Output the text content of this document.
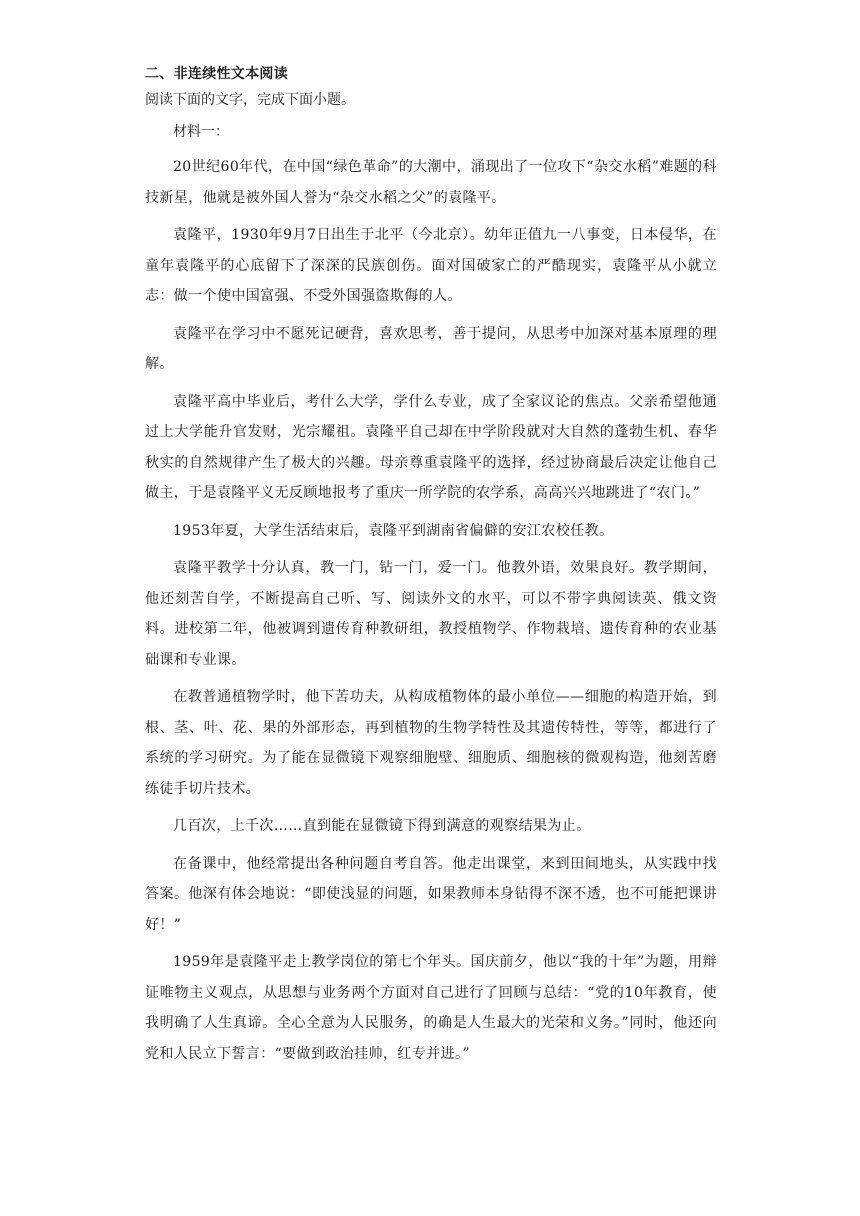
二、非连续性文本阅读
阅读下面的文字，完成下面小题。
材料一：

20世纪60年代，在中国“绿色革命”的大潮中，涌现出了一位攻下“杂交水稻”难题的科技新星，他就是被外国人誉为“杂交水稻之父”的袁隆平。

袁隆平，1930年9月7日出生于北平（今北京）。幼年正值九一八事变，日本侵华，在童年袁隆平的心底留下了深深的民族创伤。面对国破家亡的严酷现实，袁隆平从小就立志：做一个使中国富强、不受外国强盗欺侮的人。

袁隆平在学习中不愿死记硬背，喜欢思考，善于提问，从思考中加深对基本原理的理解。

袁隆平高中毕业后，考什么大学，学什么专业，成了全家议论的焦点。父亲希望他通过上大学能升官发财，光宗耀祖。袁隆平自己却在中学阶段就对大自然的蓬勃生机、春华秋实的自然规律产生了极大的兴趣。母亲尊重袁隆平的选择，经过协商最后决定让他自己做主，于是袁隆平义无反顾地报考了重庆一所学院的农学系，高高兴兴地跳进了“农门。”

1953年夏，大学生活结束后，袁隆平到湖南省偏僻的安江农校任教。

袁隆平教学十分认真，教一门，钻一门，爱一门。他教外语，效果良好。教学期间，他还刻苦自学，不断提高自己听、写、阅读外文的水平，可以不带字典阅读英、俄文资料。进校第二年，他被调到遗传育种教研组，教授植物学、作物栽培、遗传育种的农业基础课和专业课。

在教普通植物学时，他下苦功夫，从构成植物体的最小单位——细胞的构造开始，到根、茎、叶、花、果的外部形态，再到植物的生物学特性及其遗传特性，等等，都进行了系统的学习研究。为了能在显微镜下观察细胞壁、细胞质、细胞核的微观构造，他刻苦磨练徒手切片技术。

几百次，上千次……直到能在显微镜下得到满意的观察结果为止。

在备课中，他经常提出各种问题自考自答。他走出课堂，来到田间地头，从实践中找答案。他深有体会地说：“即使浅显的问题，如果教师本身钻得不深不透，也不可能把课讲好！”

1959年是袁隆平走上教学岗位的第七个年头。国庆前夕，他以“我的十年”为题，用辩证唯物主义观点，从思想与业务两个方面对自己进行了回顾与总结：“党的10年教育，使我明确了人生真谛。全心全意为人民服务，的确是人生最大的光荣和义务。”同时，他还向党和人民立下誓言：“要做到政治挂帅，红专并进。”
